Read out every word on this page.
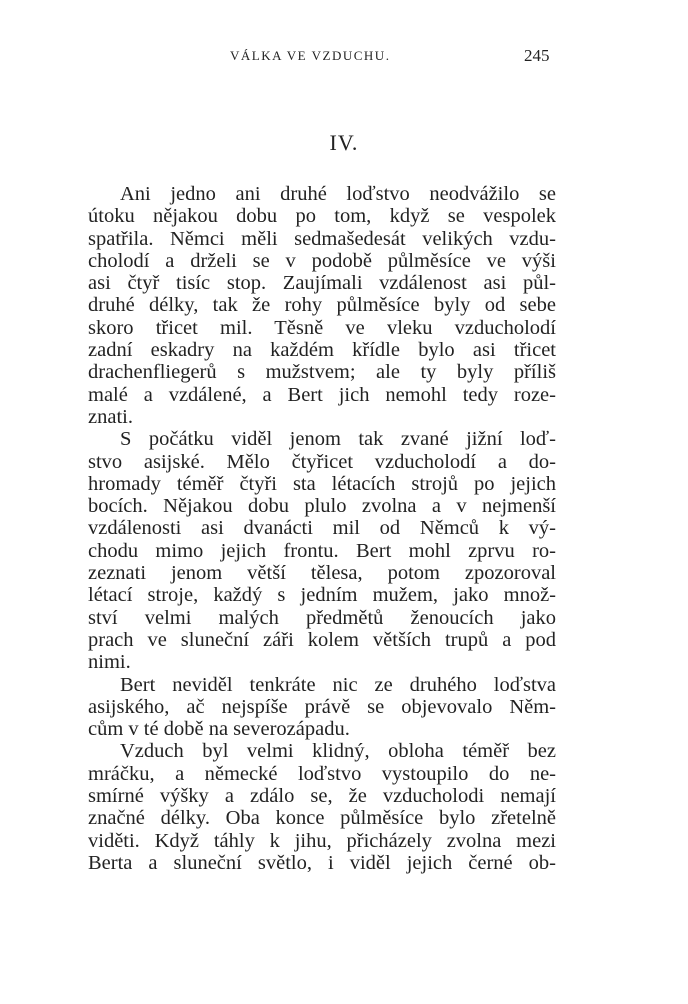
VÁLKA VE VZDUCHU.	245
IV.
Ani jedno ani druhé loďstvo neodvážilo se
útoku nějakou dobu po tom, když se vespolek
spatřila. Němci měli sedmašedesát velikých vzdu-
cholodí a drželi se v podobě půlměsíce ve výši
asi čtyř tisíc stop. Zaujímali vzdálenost asi půl-
druhé délky, tak že rohy půlměsíce byly od sebe
skoro třicet mil. Těsně ve vleku vzducholodí
zadní eskadry na každém křídle bylo asi třicet
drachenfliegerů s mužstvem; ale ty byly příliš
malé a vzdálené, a Bert jich nemohl tedy roze-
znati.
S počátku viděl jenom tak zvané jižní loď-
stvo asijské. Mělo čtyřicet vzducholodí a do-
hromady téměř čtyři sta létacích strojů po jejich
bocích. Nějakou dobu plulo zvolna a v nejmenší
vzdálenosti asi dvanácti mil od Němců k vý-
chodu mimo jejich frontu. Bert mohl zprvu ro-
zeznati jenom větší tělesa, potom zpozoroval
létací stroje, každý s jedním mužem, jako množ-
ství velmi malých předmětů ženoucích jako
prach ve sluneční záři kolem větších trupů a pod
nimi.
Bert neviděl tenkráte nic ze druhého loďstva
asijského, ač nejspíše právě se objevovalo Něm-
cům v té době na severozápadu.
Vzduch byl velmi klidný, obloha téměř bez
mráčku, a německé loďstvo vystoupilo do ne-
smírné výšky a zdálo se, že vzducholodi nemají
značné délky. Oba konce půlměsíce bylo zřetelně
viděti. Když táhly k jihu, přicházely zvolna mezi
Berta a sluneční světlo, i viděl jejich černé ob-
